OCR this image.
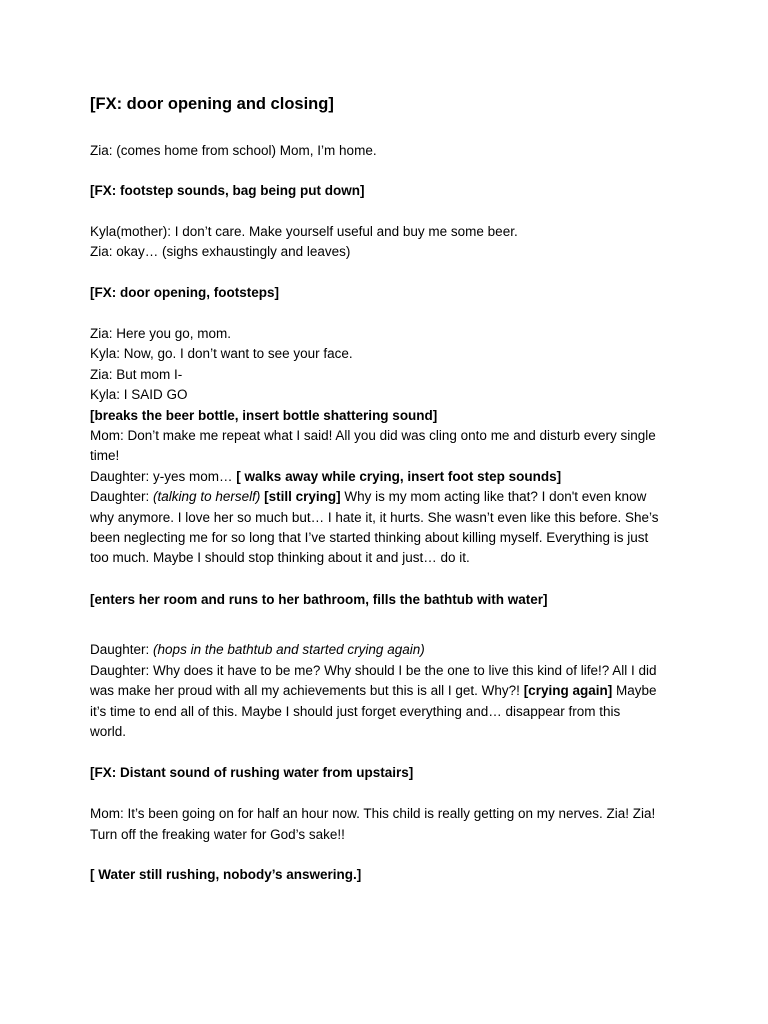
[FX: door opening and closing]
Zia: (comes home from school) Mom, I’m home.
[FX: footstep sounds, bag being put down]
Kyla(mother): I don’t care. Make yourself useful and buy me some beer.
Zia: okay… (sighs exhaustingly and leaves)
[FX: door opening, footsteps]
Zia: Here you go, mom.
Kyla: Now, go. I don’t want to see your face.
Zia: But mom I-
Kyla: I SAID GO
[breaks the beer bottle, insert bottle shattering sound]
Mom: Don’t make me repeat what I said! All you did was cling onto me and disturb every single
time!
Daughter: y-yes mom… [ walks away while crying, insert foot step sounds]
Daughter: (talking to herself) [still crying] Why is my mom acting like that? I don't even know
why anymore. I love her so much but… I hate it, it hurts. She wasn’t even like this before. She’s
been neglecting me for so long that I’ve started thinking about killing myself. Everything is just
too much. Maybe I should stop thinking about it and just… do it.
[enters her room and runs to her bathroom, fills the bathtub with water]
Daughter: (hops in the bathtub and started crying again)
Daughter: Why does it have to be me? Why should I be the one to live this kind of life!? All I did
was make her proud with all my achievements but this is all I get. Why?! [crying again] Maybe
it’s time to end all of this. Maybe I should just forget everything and… disappear from this
world.
[FX: Distant sound of rushing water from upstairs]
Mom: It’s been going on for half an hour now. This child is really getting on my nerves. Zia! Zia!
Turn off the freaking water for God’s sake!!
[ Water still rushing, nobody’s answering.]
